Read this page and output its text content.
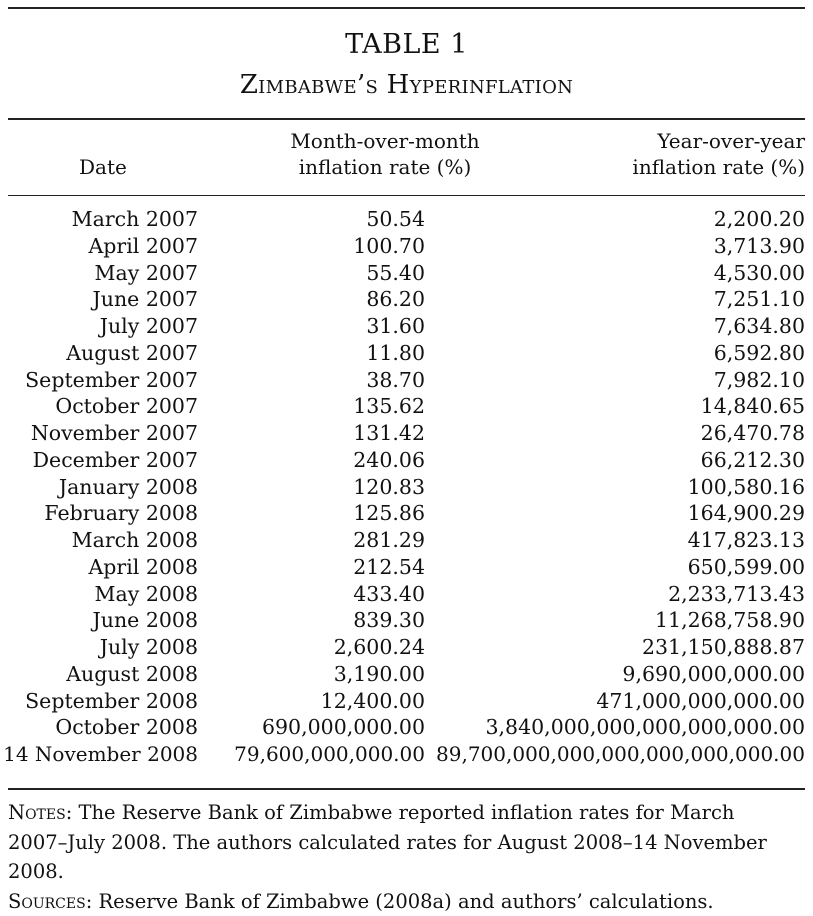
TABLE 1
Zimbabwe’s Hyperinflation
Date
Month-over-month
inflation rate (%)
Year-over-year
inflation rate (%)
March 2007	50.54	2,200.20
April 2007	100.70	3,713.90
May 2007	55.40	4,530.00
June 2007	86.20	7,251.10
July 2007	31.60	7,634.80
August 2007	11.80	6,592.80
September 2007	38.70	7,982.10
October 2007	135.62	14,840.65
November 2007	131.42	26,470.78
December 2007	240.06	66,212.30
January 2008	120.83	100,580.16
February 2008	125.86	164,900.29
March 2008	281.29	417,823.13
April 2008	212.54	650,599.00
May 2008	433.40	2,233,713.43
June 2008	839.30	11,268,758.90
July 2008	2,600.24	231,150,888.87
August 2008	3,190.00	9,690,000,000.00
September 2008	12,400.00	471,000,000,000.00
October 2008	690,000,000.00	3,840,000,000,000,000,000.00
14 November 2008 79,600,000,000.00 89,700,000,000,000,000,000,000.00
Notes: The Reserve Bank of Zimbabwe reported inflation rates for March
2007–July 2008. The authors calculated rates for August 2008–14 November 2008.
Sources: Reserve Bank of Zimbabwe (2008a) and authors’ calculations.
